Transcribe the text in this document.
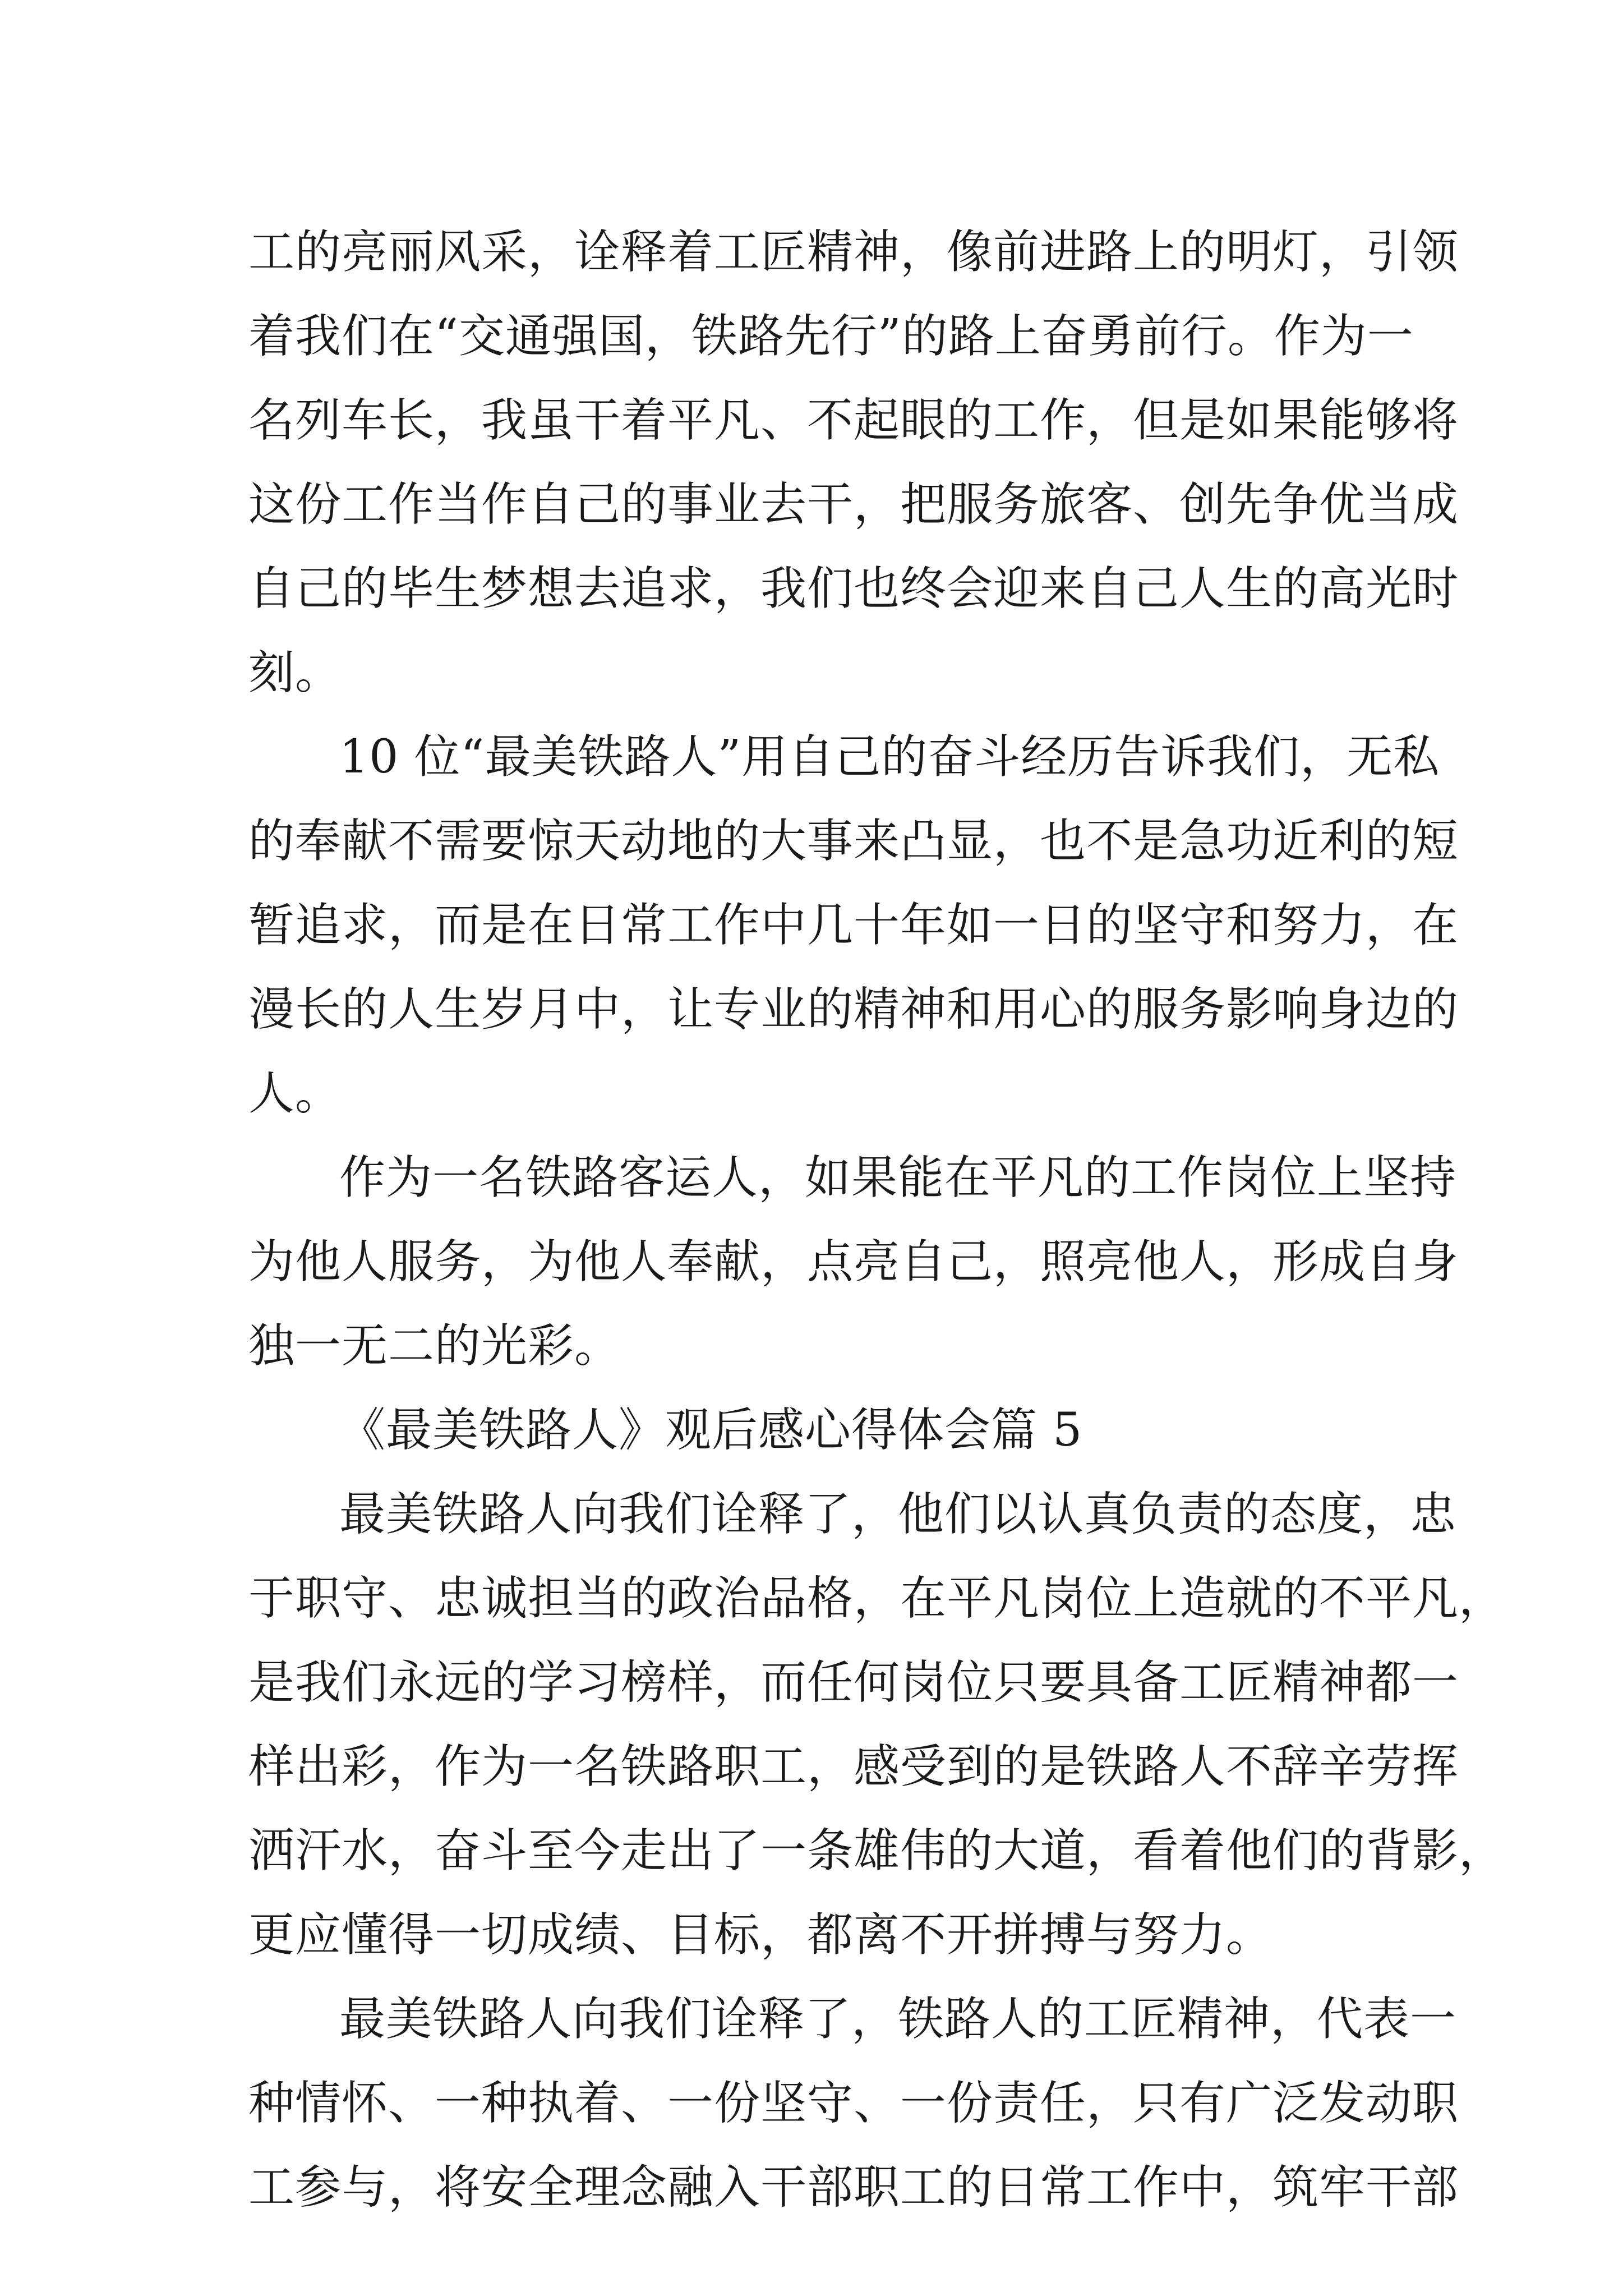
工的亮丽风采，诠释着工匠精神，像前进路上的明灯，引领
着我们在“交通强国，铁路先行”的路上奋勇前行。作为一
名列车长，我虽干着平凡、不起眼的工作，但是如果能够将
这份工作当作自己的事业去干，把服务旅客、创先争优当成
自己的毕生梦想去追求，我们也终会迎来自己人生的高光时
刻。
10 位“最美铁路人”用自己的奋斗经历告诉我们，无私
的奉献不需要惊天动地的大事来凸显，也不是急功近利的短
暂追求，而是在日常工作中几十年如一日的坚守和努力，在
漫长的人生岁月中，让专业的精神和用心的服务影响身边的
人。
作为一名铁路客运人，如果能在平凡的工作岗位上坚持
为他人服务，为他人奉献，点亮自己，照亮他人，形成自身
独一无二的光彩。
《最美铁路人》观后感心得体会篇 5
最美铁路人向我们诠释了，他们以认真负责的态度，忠
于职守、忠诚担当的政治品格，在平凡岗位上造就的不平凡，
是我们永远的学习榜样，而任何岗位只要具备工匠精神都一
样出彩，作为一名铁路职工，感受到的是铁路人不辞辛劳挥
洒汗水，奋斗至今走出了一条雄伟的大道，看着他们的背影，
更应懂得一切成绩、目标，都离不开拼搏与努力。
最美铁路人向我们诠释了，铁路人的工匠精神，代表一
种情怀、一种执着、一份坚守、一份责任，只有广泛发动职
工参与，将安全理念融入干部职工的日常工作中，筑牢干部
